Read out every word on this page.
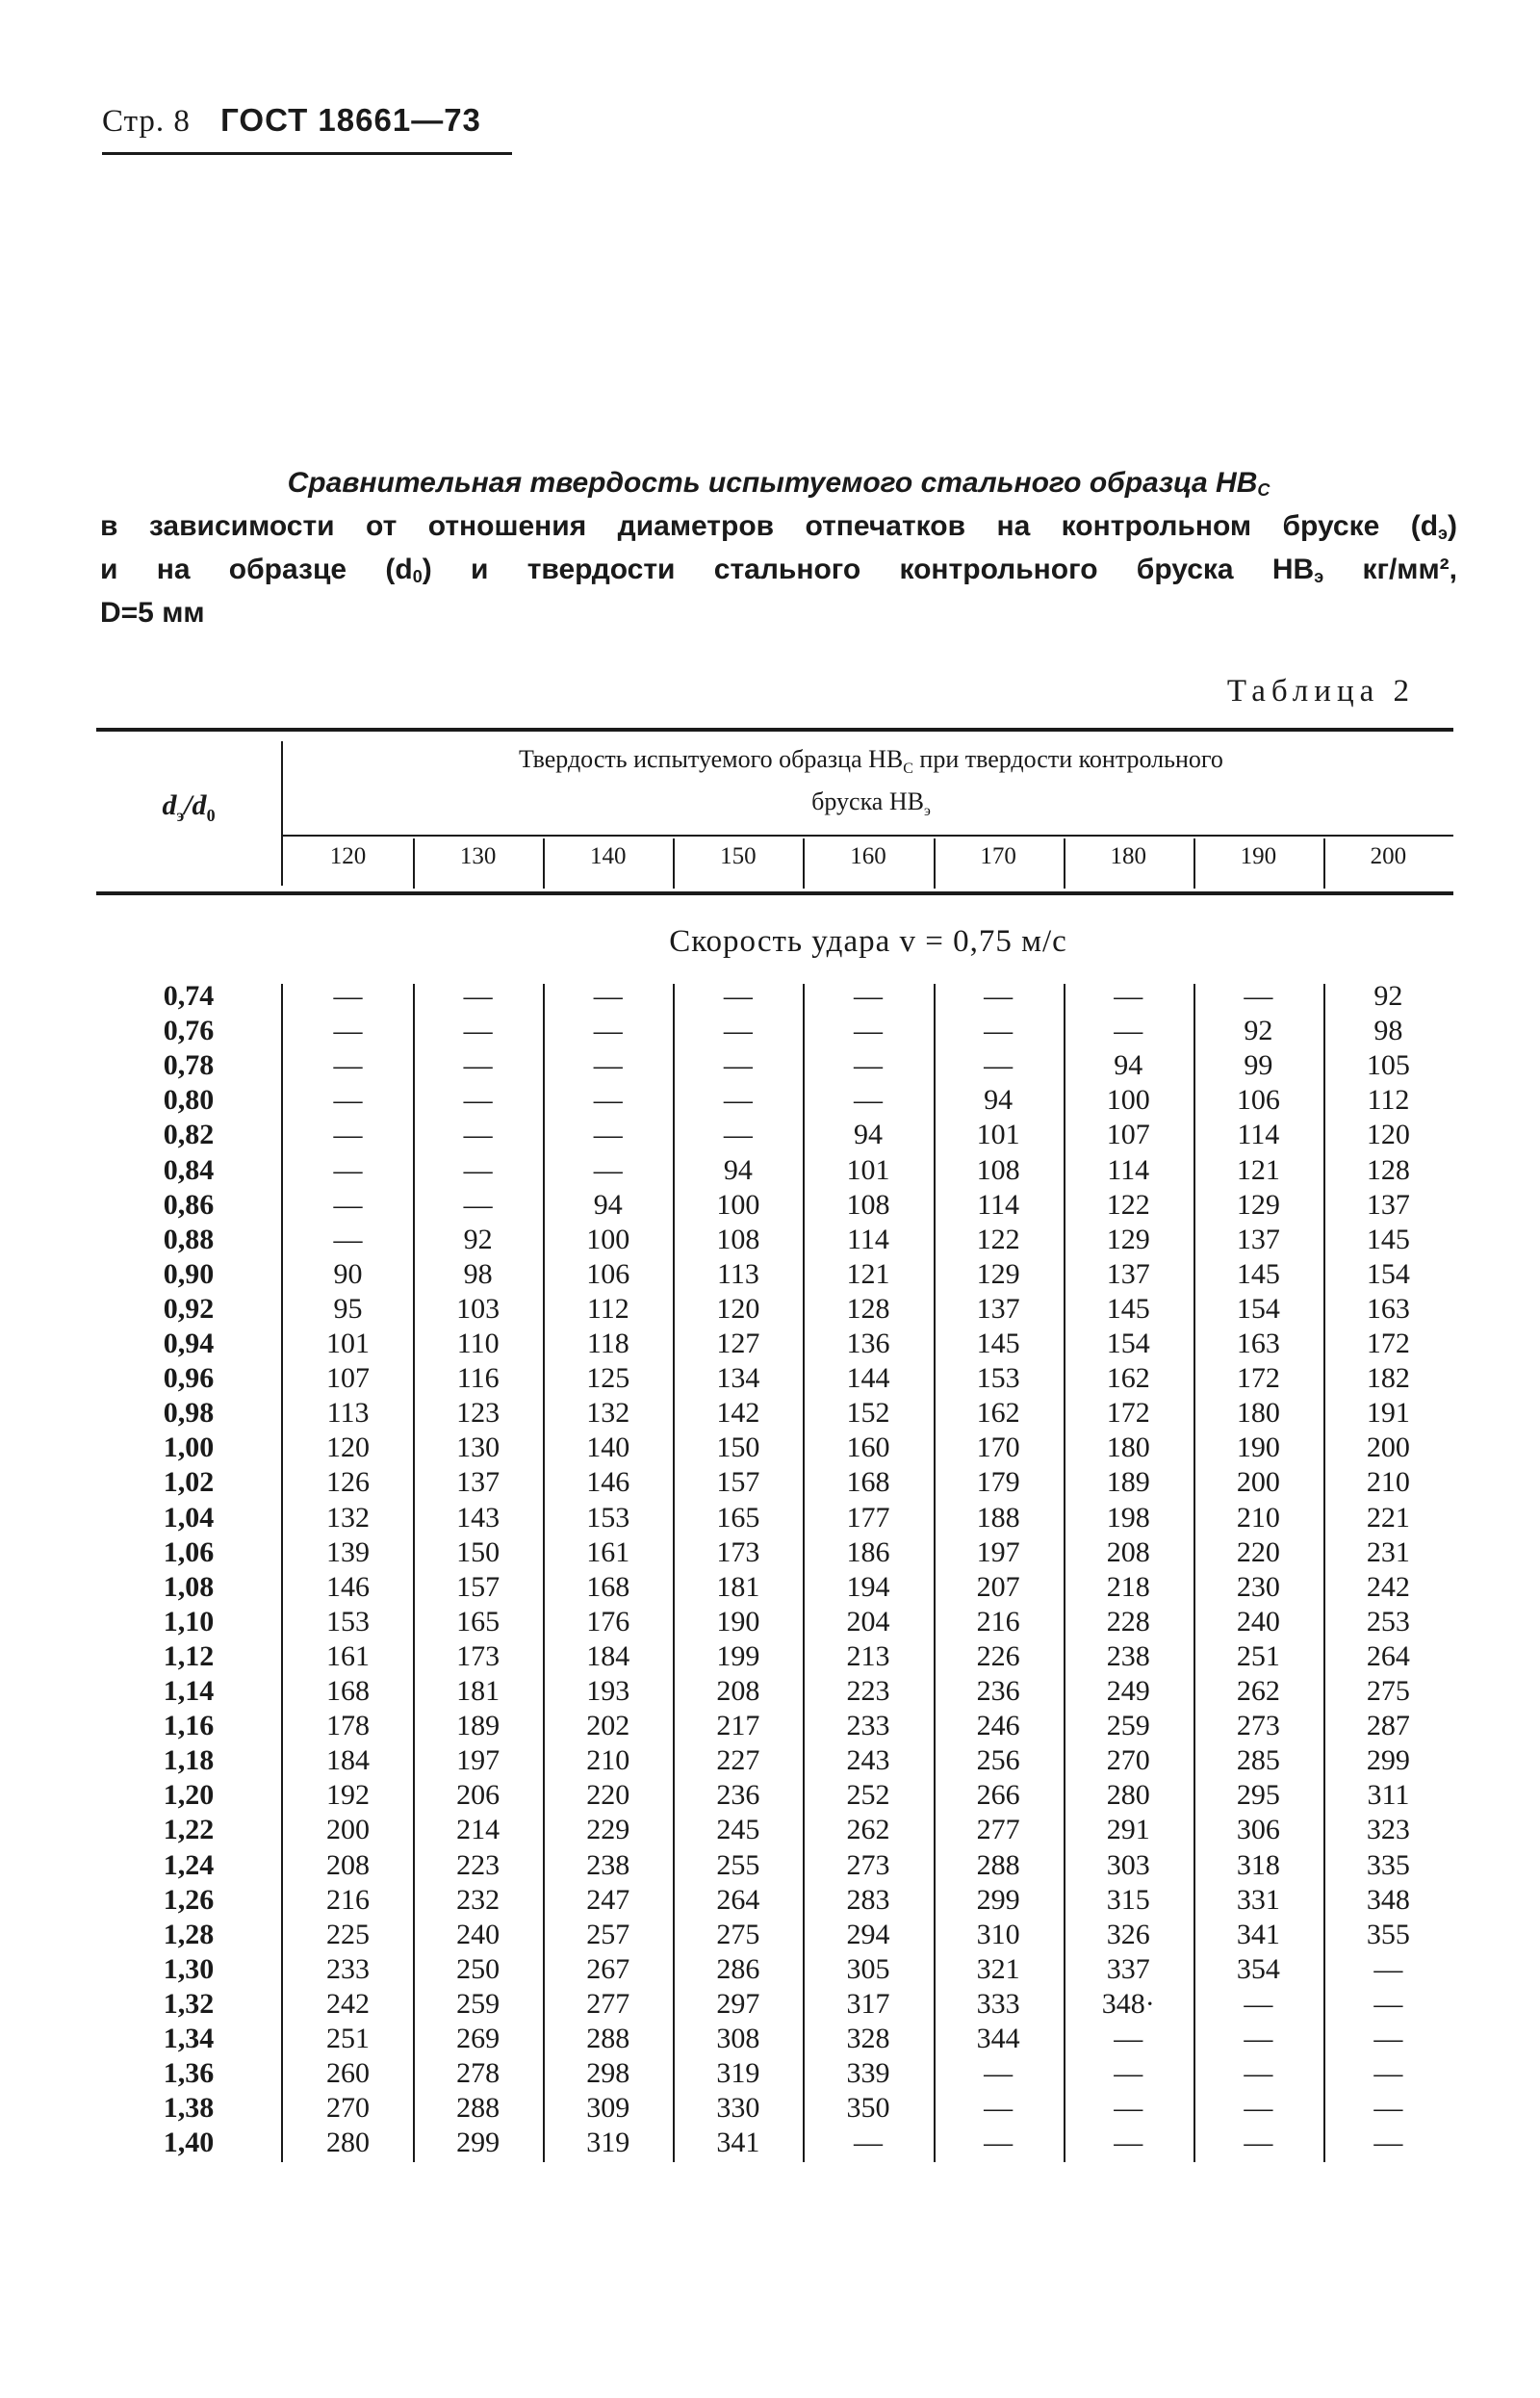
Стр. 8 ГОСТ 18661—73
Сравнительная твердость испытуемого стального образца $HB_С$
в зависимости от отношения диаметров отпечатков на контрольном бруске $(d_э)$
и на образце $(d_0)$ и твердости стального контрольного бруска $HB_э$ кг/мм²,
D=5 мм
Таблица 2
$d_э/d_0$
Твердость испытуемого образца $HB_С$ при твердости контрольного
бруска $HB_э$
120	130	140	150	160	170	180	190	200
Скорость удара v = 0,75 м/с
0,74	—	—	—	—	—	—	—	—	92
0,76	—	—	—	—	—	—	—	92	98
0,78	—	—	—	—	—	—	94	99	105
0,80	—	—	—	—	—	94	100	106	112
0,82	—	—	—	—	94	101	107	114	120
0,84	—	—	—	94	101	108	114	121	128
0,86	—	—	94	100	108	114	122	129	137
0,88	—	92	100	108	114	122	129	137	145
0,90	90	98	106	113	121	129	137	145	154
0,92	95	103	112	120	128	137	145	154	163
0,94	101	110	118	127	136	145	154	163	172
0,96	107	116	125	134	144	153	162	172	182
0,98	113	123	132	142	152	162	172	180	191
1,00	120	130	140	150	160	170	180	190	200
1,02	126	137	146	157	168	179	189	200	210
1,04	132	143	153	165	177	188	198	210	221
1,06	139	150	161	173	186	197	208	220	231
1,08	146	157	168	181	194	207	218	230	242
1,10	153	165	176	190	204	216	228	240	253
1,12	161	173	184	199	213	226	238	251	264
1,14	168	181	193	208	223	236	249	262	275
1,16	178	189	202	217	233	246	259	273	287
1,18	184	197	210	227	243	256	270	285	299
1,20	192	206	220	236	252	266	280	295	311
1,22	200	214	229	245	262	277	291	306	323
1,24	208	223	238	255	273	288	303	318	335
1,26	216	232	247	264	283	299	315	331	348
1,28	225	240	257	275	294	310	326	341	355
1,30	233	250	267	286	305	321	337	354	—
1,32	242	259	277	297	317	333	348·	—	—
1,34	251	269	288	308	328	344	—	—	—
1,36	260	278	298	319	339	—	—	—	—
1,38	270	288	309	330	350	—	—	—	—
1,40	280	299	319	341	—	—	—	—	—
